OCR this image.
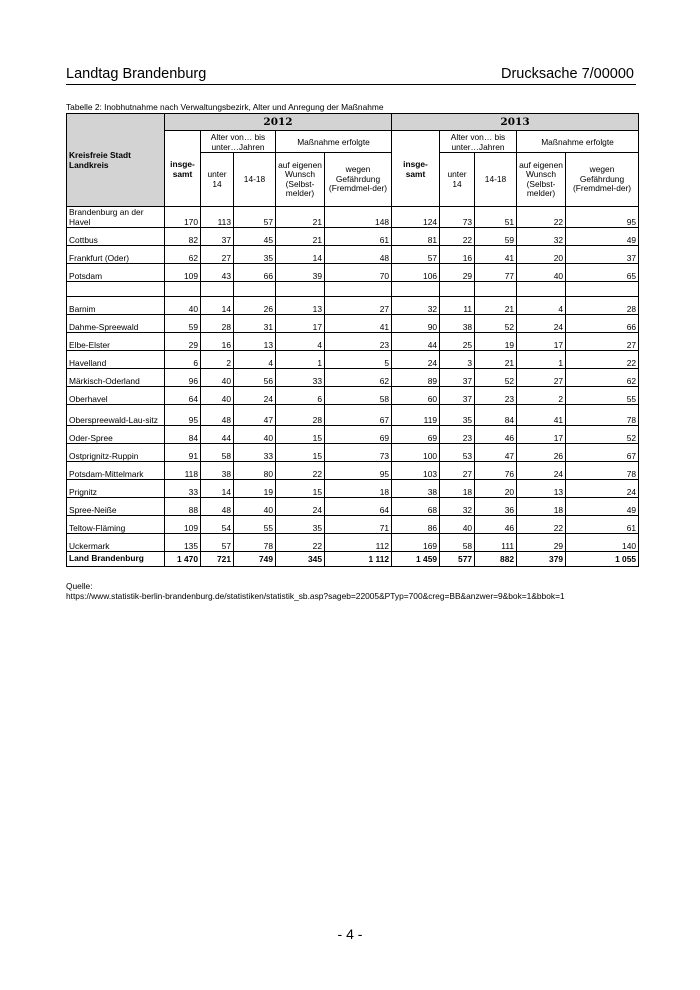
Landtag Brandenburg	Drucksache 7/00000
Tabelle 2: Inobhutnahme nach Verwaltungsbezirk, Alter und Anregung der Maßnahme
Kreisfreie Stadt Landkreis	2012					2013				
	insge-samt	Alter von… bis unter…Jahren		Maßnahme erfolgte		insge-samt	Alter von… bis unter…Jahren		Maßnahme erfolgte	
		unter 14	14-18	auf eigenen Wunsch (Selbst-melder)	wegen Gefährdung (Fremdmel-der)		unter 14	14-18	auf eigenen Wunsch (Selbst-melder)	wegen Gefährdung (Fremdmel-der)
Brandenburg an der Havel	170	113	57	21	148	124	73	51	22	95
Cottbus	82	37	45	21	61	81	22	59	32	49
Frankfurt (Oder)	62	27	35	14	48	57	16	41	20	37
Potsdam	109	43	66	39	70	106	29	77	40	65

Barnim	40	14	26	13	27	32	11	21	4	28
Dahme-Spreewald	59	28	31	17	41	90	38	52	24	66
Elbe-Elster	29	16	13	4	23	44	25	19	17	27
Havelland	6	2	4	1	5	24	3	21	1	22
Märkisch-Oderland	96	40	56	33	62	89	37	52	27	62
Oberhavel	64	40	24	6	58	60	37	23	2	55
Oberspreewald-Lau-sitz	95	48	47	28	67	119	35	84	41	78
Oder-Spree	84	44	40	15	69	69	23	46	17	52
Ostprignitz-Ruppin	91	58	33	15	73	100	53	47	26	67
Potsdam-Mittelmark	118	38	80	22	95	103	27	76	24	78
Prignitz	33	14	19	15	18	38	18	20	13	24
Spree-Neiße	88	48	40	24	64	68	32	36	18	49
Teltow-Fläming	109	54	55	35	71	86	40	46	22	61
Uckermark	135	57	78	22	112	169	58	111	29	140
Land Brandenburg	1 470	721	749	345	1 112	1 459	577	882	379	1 055
Quelle:
https://www.statistik-berlin-brandenburg.de/statistiken/statistik_sb.asp?sageb=22005&PTyp=700&creg=BB&anzwer=9&bok=1&bbok=1
- 4 -
